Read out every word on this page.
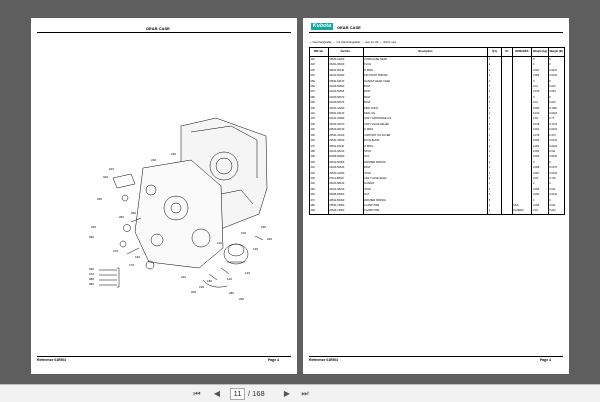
GEAR CASE
010
020
030
040
050
060
070
080
090
100
110
120
130
140
150
160
170
180
190
200
210
220
230
240
250
260
270
280
290
Reference 01E904	Page 4
Kubota	GEAR CASE
↔ interchangeable; ↔ not interchangeable; ← new for old; → old for new
REF No.	Part No.	Description	Q'ty	I/C	REMARKS	Weight (kg)	Weight (lb)
010	15532-04020	COMP.CASE GEAR	1			0	0
020	15261-96020	PLUG	2			0	0
030	04811-06130	O RING	3			0.001	0.0022
040	15221-56390	PIN,START SPRING	1			0.004	0.0132
050	15531-04130	GASKET GEAR CASE	1			0	0
060	01023-50650	BOLT	7			0.01	0.022
070	01023-50665	BOLT	2			0.015	0.033
080	01023-50670	BOLT	2			0	0
090	01023-50675	BOLT	1			0.01	0.022
100	15241-32290	PIPE JOINT	1			0.053	0.1166
110	15841-04140	SEAL OIL	1			0.012	0.0264
120	15241-32090	ASSY CARTRIDGE OIL	1			0.33	0.77
130	15261-36070	ASSY VALVE RELIEF	1			0.078	0.1716
140	04810-00130	O RING	1			0.001	0.0022
150	15531-32310	SUPPORT OIL FILTER	1			0.215	0.473
160	15531-33640	PLUG,BLIND	2			0.006	0.0132
170	04811-03140	O RING	2			0.001	0.0022
180	15221-96210	STUD	1			0.005	0.011
190	02056-50060	NUT	2			0.002	0.0044
200	04512-50060	WASHER SPRING	2			0	0
210	01023-50630	BOLT	1			0.008	0.0176
220	15531-91490	STUD	2			0.007	0.0154
230	67111-38610	ASSY CASE GEAR	1			0.33	0.726
240	15221-88130	GASKET	1			0	0
250	15221-98210	STUD	2			0.005	0.011
260	02056-50060	NUT	4			0.002	0.0044
270	04512-50060	WASHER SPRING	4			0	0
280	15531-72960	CLAMP PIPE	1		USA	0.005	0.011
290	15532-72960	CLAMP PIPE	1		CANADA	0.01	0.022
Reference 01E904	Page 4
⏮ ◀	11 / 168 ▶ ⏭
